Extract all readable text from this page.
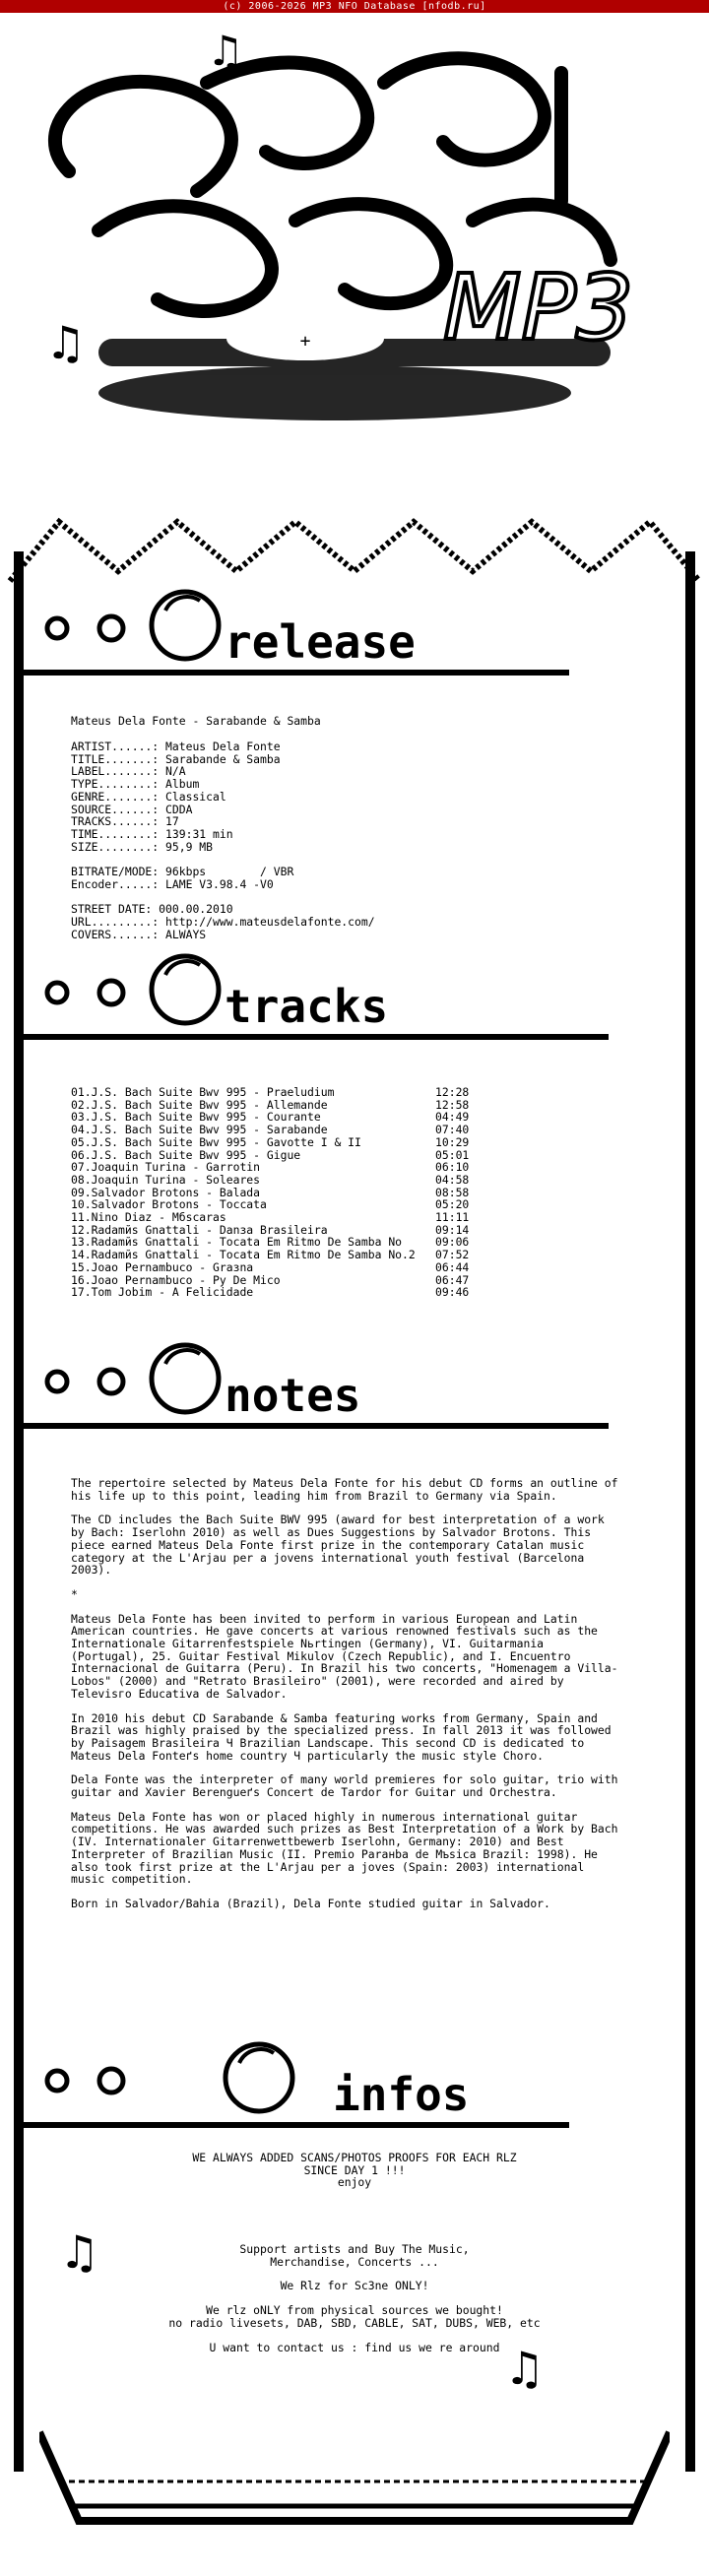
(c) 2006-2026 MP3 NFO Database [nfodb.ru]
+ MP3
♫
♫
release
Mateus Dela Fonte - Sarabande & Samba
ARTIST......: Mateus Dela Fonte
TITLE.......: Sarabande & Samba
LABEL.......: N/A
TYPE........: Album
GENRE.......: Classical
SOURCE......: CDDA
TRACKS......: 17
TIME........: 139:31 min
SIZE........: 95,9 MB

BITRATE/MODE: 96kbps        / VBR
Encoder.....: LAME V3.98.4 -V0

STREET DATE: 000.00.2010
URL.........: http://www.mateusdelafonte.com/
COVERS......: ALWAYS
tracks
01.J.S. Bach Suite Bwv 995 - Praeludium	12:28
02.J.S. Bach Suite Bwv 995 - Allemande	12:58
03.J.S. Bach Suite Bwv 995 - Courante	04:49
04.J.S. Bach Suite Bwv 995 - Sarabande	07:40
05.J.S. Bach Suite Bwv 995 - Gavotte I & II	10:29
06.J.S. Bach Suite Bwv 995 - Gigue	05:01
07.Joaquin Turina - Garrotin	06:10
08.Joaquin Turina - Soleares	04:58
09.Salvador Brotons - Balada	08:58
10.Salvador Brotons - Toccata	05:20
11.Nino Diaz - Mбscaras	11:11
12.Radamйs Gnattali - Danзa Brasileira	09:14
13.Radamйs Gnattali - Tocata Em Ritmo De Samba No	09:06
14.Radamйs Gnattali - Tocata Em Ritmo De Samba No.2	07:52
15.Joao Pernambuco - Graзna	06:44
16.Joao Pernambuco - Pу De Mico	06:47
17.Tom Jobim - A Felicidade	09:46
notes
The repertoire selected by Mateus Dela Fonte for his debut CD forms an outline of his life up to this point, leading him from Brazil to Germany via Spain.
The CD includes the Bach Suite BWV 995 (award for best interpretation of a work by Bach: Iserlohn 2010) as well as Dues Suggestions by Salvador Brotons. This piece earned Mateus Dela Fonte first prize in the contemporary Catalan music category at the L'Arjau per a jovens international youth festival (Barcelona 2003).
*
Mateus Dela Fonte has been invited to perform in various European and Latin American countries. He gave concerts at various renowned festivals such as the Internationale Gitarrenfestspiele Nьrtingen (Germany), VI. Guitarmania (Portugal), 25. Guitar Festival Mikulov (Czech Republic), and I. Encuentro Internacional de Guitarra (Peru). In Brazil his two concerts, "Homenagem a Villa-Lobos" (2000) and "Retrato Brasileiro" (2001), were recorded and aired by Televisгo Educativa de Salvador.
In 2010 his debut CD Sarabande & Samba featuring works from Germany, Spain and Brazil was highly praised by the specialized press. In fall 2013 it was followed by Paisagem Brasileira Ч Brazilian Landscape. This second CD is dedicated to Mateus Dela Fonteґs home country Ч particularly the music style Choro.
Dela Fonte was the interpreter of many world premieres for solo guitar, trio with guitar and Xavier Berengueґs Concert de Tardor for Guitar und Orchestra.
Mateus Dela Fonte has won or placed highly in numerous international guitar competitions. He was awarded such prizes as Best Interpretation of a Work by Bach (IV. Internationaler Gitarrenwettbewerb Iserlohn, Germany: 2010) and Best Interpreter of Brazilian Music (II. Premio Paraнba de Mъsica Brazil: 1998). He also took first prize at the L'Arjau per a joves (Spain: 2003) international music competition.
Born in Salvador/Bahia (Brazil), Dela Fonte studied guitar in Salvador.
infos
WE ALWAYS ADDED SCANS/PHOTOS PROOFS FOR EACH RLZ
SINCE DAY 1 !!!
enjoy
♫	Support artists and Buy The Music,
Merchandise, Concerts ...
We Rlz for Sc3ne ONLY!
We rlz oNLY from physical sources we bought!
no radio livesets, DAB, SBD, CABLE, SAT, DUBS, WEB, etc
U want to contact us : find us we re around ♫
